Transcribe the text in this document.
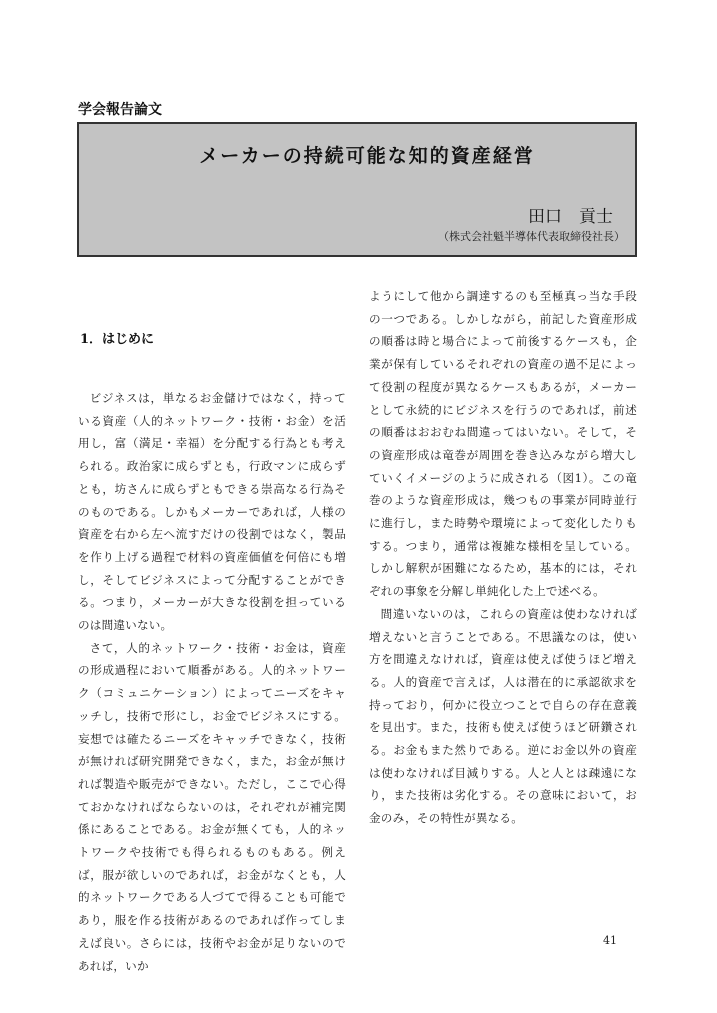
学会報告論文
メーカーの持続可能な知的資産経営
田口　貢士
（株式会社魁半導体代表取締役社長）
1．はじめに

ビジネスは，単なるお金儲けではなく，持っている資産（人的ネットワーク・技術・お金）を活用し，富（満足・幸福）を分配する行為とも考えられる。政治家に成らずとも，行政マンに成らずとも，坊さんに成らずともできる崇高なる行為そのものである。しかもメーカーであれば，人様の資産を右から左へ流すだけの役割ではなく，製品を作り上げる過程で材料の資産価値を何倍にも増し，そしてビジネスによって分配することができる。つまり，メーカーが大きな役割を担っているのは間違いない。

さて，人的ネットワーク・技術・お金は，資産の形成過程において順番がある。人的ネットワーク（コミュニケーション）によってニーズをキャッチし，技術で形にし，お金でビジネスにする。妄想では確たるニーズをキャッチできなく，技術が無ければ研究開発できなく，また，お金が無ければ製造や販売ができない。ただし，ここで心得ておかなければならないのは，それぞれが補完関係にあることである。お金が無くても，人的ネットワークや技術でも得られるものもある。例えば，服が欲しいのであれば，お金がなくとも，人的ネットワークである人づてで得ることも可能であり，服を作る技術があるのであれば作ってしまえば良い。さらには，技術やお金が足りないのであれば，いか

ようにして他から調達するのも至極真っ当な手段の一つである。しかしながら，前記した資産形成の順番は時と場合によって前後するケースも，企業が保有しているそれぞれの資産の過不足によって役割の程度が異なるケースもあるが，メーカーとして永続的にビジネスを行うのであれば，前述の順番はおおむね間違ってはいない。そして，その資産形成は竜巻が周囲を巻き込みながら増大していくイメージのように成される（図1）。この竜巻のような資産形成は，幾つもの事業が同時並行に進行し，また時勢や環境によって変化したりもする。つまり，通常は複雑な様相を呈している。しかし解釈が困難になるため，基本的には，それぞれの事象を分解し単純化した上で述べる。

間違いないのは，これらの資産は使わなければ増えないと言うことである。不思議なのは，使い方を間違えなければ，資産は使えば使うほど増える。人的資産で言えば，人は潜在的に承認欲求を持っており，何かに役立つことで自らの存在意義を見出す。また，技術も使えば使うほど研鑽される。お金もまた然りである。逆にお金以外の資産は使わなければ目減りする。人と人とは疎遠になり，また技術は劣化する。その意味において，お金のみ，その特性が異なる。

41
